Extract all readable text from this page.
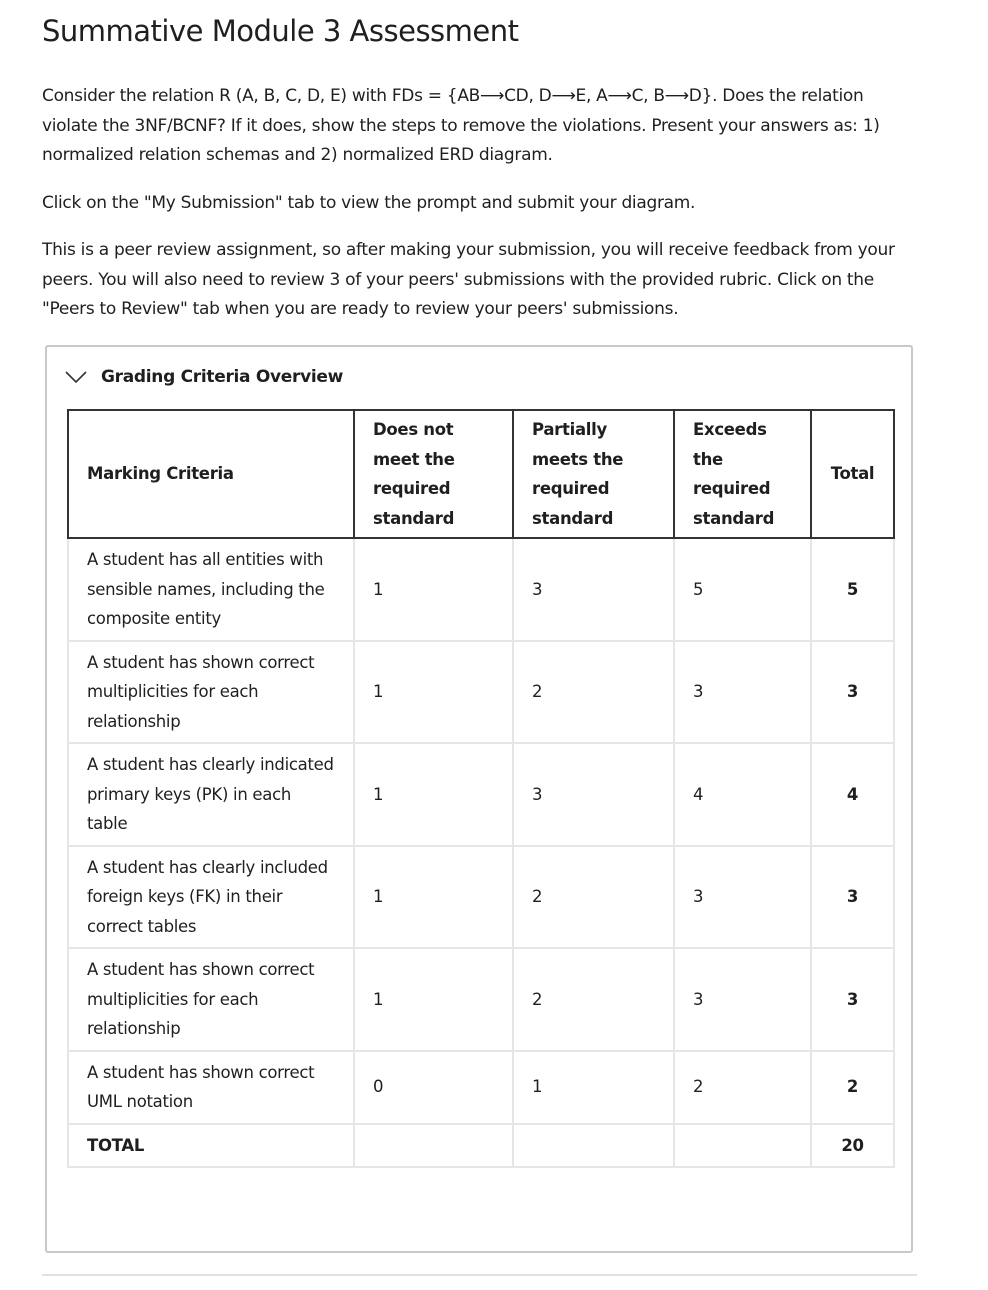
Summative Module 3 Assessment

Consider the relation R (A, B, C, D, E) with FDs = {AB⟶CD, D⟶E, A⟶C, B⟶D}. Does the relation violate the 3NF/BCNF? If it does, show the steps to remove the violations. Present your answers as: 1) normalized relation schemas and 2) normalized ERD diagram.

Click on the "My Submission" tab to view the prompt and submit your diagram.

This is a peer review assignment, so after making your submission, you will receive feedback from your peers. You will also need to review 3 of your peers' submissions with the provided rubric. Click on the "Peers to Review" tab when you are ready to review your peers' submissions.

Grading Criteria Overview
Marking Criteria	Does not meet the required standard	Partially meets the required standard	Exceeds the required standard	Total
A student has all entities with sensible names, including the composite entity	1	3	5	5
A student has shown correct multiplicities for each relationship	1	2	3	3
A student has clearly indicated primary keys (PK) in each table	1	3	4	4
A student has clearly included foreign keys (FK) in their correct tables	1	2	3	3
A student has shown correct multiplicities for each relationship	1	2	3	3
A student has shown correct UML notation	0	1	2	2
TOTAL				20
